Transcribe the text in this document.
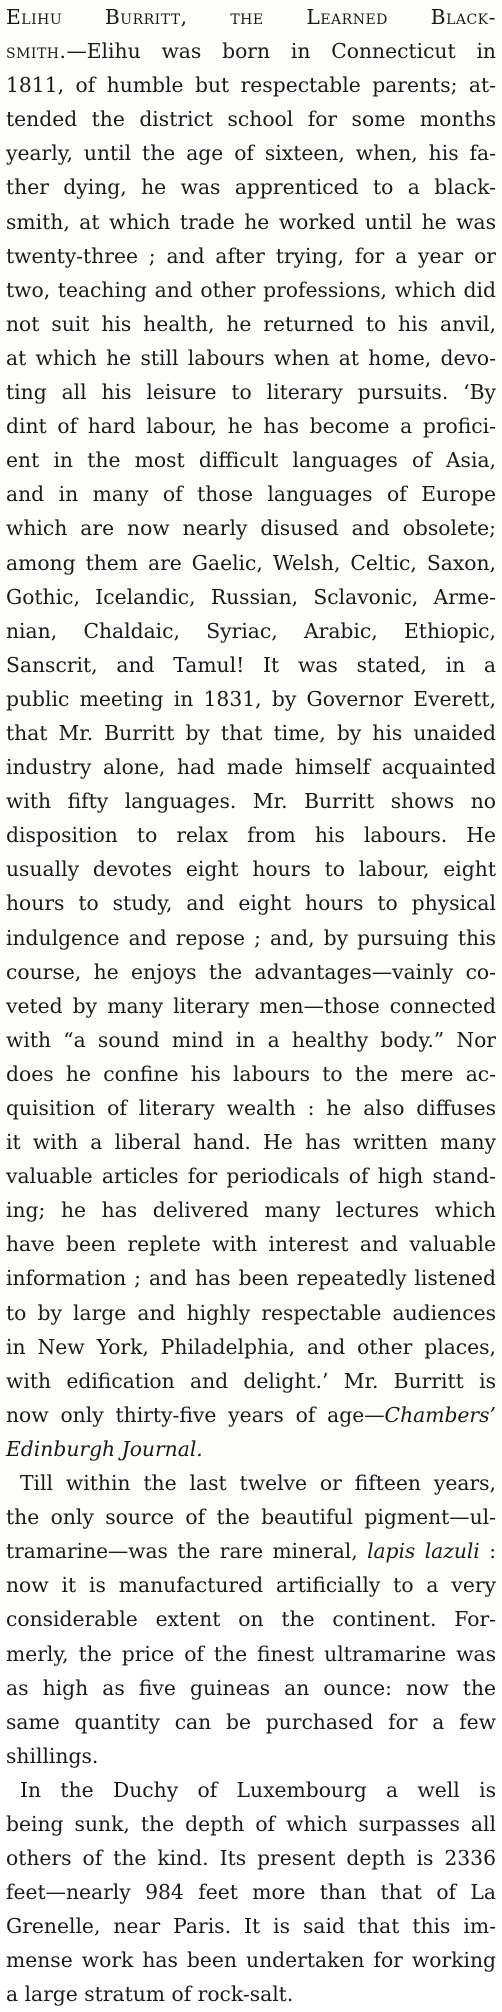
Elihu Burritt, the Learned Black-
smith.—Elihu was born in Connecticut in
1811, of humble but respectable parents; at-
tended the district school for some months
yearly, until the age of sixteen, when, his fa-
ther dying, he was apprenticed to a black-
smith, at which trade he worked until he was
twenty-three ; and after trying, for a year or
two, teaching and other professions, which did
not suit his health, he returned to his anvil,
at which he still labours when at home, devo-
ting all his leisure to literary pursuits. ‘By
dint of hard labour, he has become a profici-
ent in the most difficult languages of Asia,
and in many of those languages of Europe
which are now nearly disused and obsolete;
among them are Gaelic, Welsh, Celtic, Saxon,
Gothic, Icelandic, Russian, Sclavonic, Arme-
nian, Chaldaic, Syriac, Arabic, Ethiopic,
Sanscrit, and Tamul! It was stated, in a
public meeting in 1831, by Governor Everett,
that Mr. Burritt by that time, by his unaided
industry alone, had made himself acquainted
with fifty languages. Mr. Burritt shows no
disposition to relax from his labours. He
usually devotes eight hours to labour, eight
hours to study, and eight hours to physical
indulgence and repose ; and, by pursuing this
course, he enjoys the advantages—vainly co-
veted by many literary men—those connected
with “a sound mind in a healthy body.” Nor
does he confine his labours to the mere ac-
quisition of literary wealth : he also diffuses
it with a liberal hand. He has written many
valuable articles for periodicals of high stand-
ing; he has delivered many lectures which
have been replete with interest and valuable
information ; and has been repeatedly listened
to by large and highly respectable audiences
in New York, Philadelphia, and other places,
with edification and delight.’ Mr. Burritt is
now only thirty-five years of age—Chambers’
Edinburgh Journal.
Till within the last twelve or fifteen years,
the only source of the beautiful pigment—ul-
tramarine—was the rare mineral, lapis lazuli :
now it is manufactured artificially to a very
considerable extent on the continent. For-
merly, the price of the finest ultramarine was
as high as five guineas an ounce: now the
same quantity can be purchased for a few
shillings.
In the Duchy of Luxembourg a well is
being sunk, the depth of which surpasses all
others of the kind. Its present depth is 2336
feet—nearly 984 feet more than that of La
Grenelle, near Paris. It is said that this im-
mense work has been undertaken for working
a large stratum of rock-salt.
